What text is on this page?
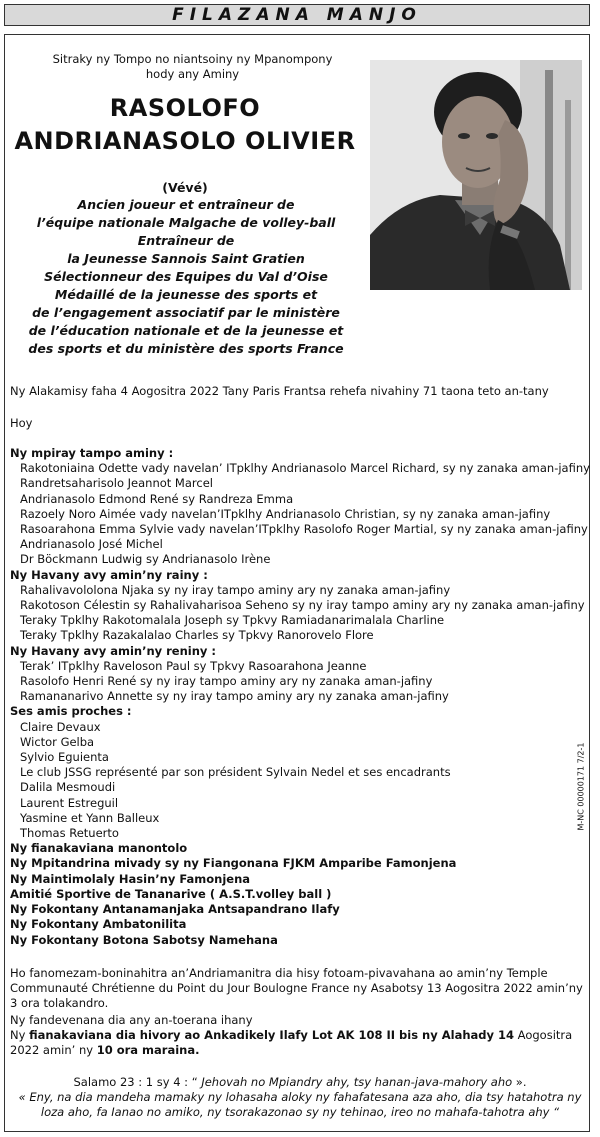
FILAZANA MANJO
Sitraky ny Tompo no niantsoiny ny Mpanompony
hody any Aminy
RASOLOFO
ANDRIANASOLO OLIVIER
(Vévé)
Ancien joueur et entraîneur de
l’équipe nationale Malgache de volley-ball
Entraîneur de
la Jeunesse Sannois Saint Gratien
Sélectionneur des Equipes du Val d’Oise
Médaillé de la jeunesse des sports et
de l’engagement associatif par le ministère
de l’éducation nationale et de la jeunesse et
des sports et du ministère des sports France
Ny Alakamisy faha 4 Aogositra 2022 Tany Paris Frantsa rehefa nivahiny 71 taona teto an-tany
Hoy
Ny mpiray tampo aminy :
Rakotoniaina Odette vady navelan’ ITpklhy Andrianasolo Marcel Richard, sy ny zanaka aman-jafiny
Randretsaharisolo Jeannot Marcel
Andrianasolo Edmond René sy Randreza Emma
Razoely Noro Aimée vady navelan’ITpklhy Andrianasolo Christian, sy ny zanaka aman-jafiny
Rasoarahona Emma Sylvie vady navelan’ITpklhy Rasolofo Roger Martial, sy ny zanaka aman-jafiny
Andrianasolo José Michel
Dr Böckmann Ludwig sy Andrianasolo Irène
Ny Havany avy amin’ny rainy :
Rahalivavololona Njaka sy ny iray tampo aminy ary ny zanaka aman-jafiny
Rakotoson Célestin sy Rahalivaharisoa Seheno sy ny iray tampo aminy ary ny zanaka aman-jafiny
Teraky Tpklhy Rakotomalala Joseph sy Tpkvy Ramiadanarimalala Charline
Teraky Tpklhy Razakalalao Charles sy Tpkvy Ranorovelo Flore
Ny Havany avy amin’ny reniny :
Terak’ ITpklhy Raveloson Paul sy Tpkvy Rasoarahona Jeanne
Rasolofo Henri René sy ny iray tampo aminy ary ny zanaka aman-jafiny
Ramananarivo Annette sy ny iray tampo aminy ary ny zanaka aman-jafiny
Ses amis proches :
Claire Devaux
Wictor Gelba
Sylvio Eguienta
Le club JSSG représenté par son président Sylvain Nedel et ses encadrants
Dalila Mesmoudi
Laurent Estreguil
Yasmine et Yann Balleux
Thomas Retuerto
Ny fianakaviana manontolo
Ny Mpitandrina mivady sy ny Fiangonana FJKM Amparibe Famonjena
Ny Maintimolaly Hasin’ny Famonjena
Amitié Sportive de Tananarive ( A.S.T.volley ball )
Ny Fokontany Antanamanjaka Antsapandrano Ilafy
Ny Fokontany Ambatonilita
Ny Fokontany Botona Sabotsy Namehana
M-NC 00000171 7/2-1
Ho fanomezam-boninahitra an’Andriamanitra dia hisy fotoam-pivavahana ao amin’ny Temple Communauté Chrétienne du Point du Jour Boulogne France ny Asabotsy 13 Aogositra 2022 amin’ny 3 ora tolakandro.
Ny fandevenana dia any an-toerana ihany
Ny fianakaviana dia hivory ao Ankadikely Ilafy Lot AK 108 II bis ny Alahady 14 Aogositra 2022 amin’ ny 10 ora maraina.
Salamo 23 : 1 sy 4 : “ Jehovah no Mpiandry ahy, tsy hanan-java-mahory aho ».
« Eny, na dia mandeha mamaky ny lohasaha aloky ny fahafatesana aza aho, dia tsy hatahotra ny loza aho, fa Ianao no amiko, ny tsorakazonao sy ny tehinao, ireo no mahafa-tahotra ahy “
